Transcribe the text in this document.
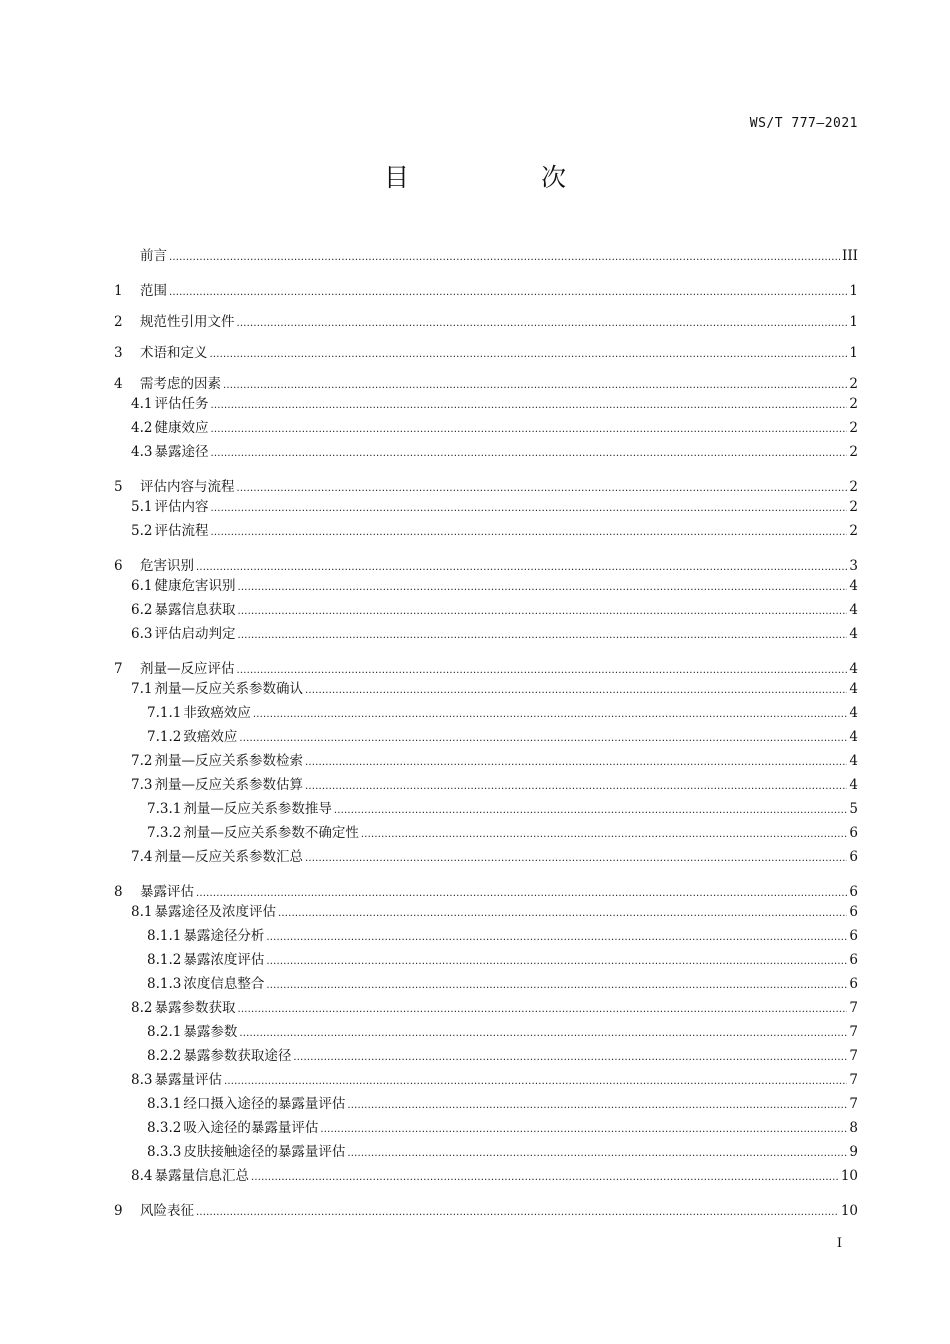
WS/T 777—2021
目 次
前言 .....	III
1	范围 .....	1
2	规范性引用文件 .....	1
3	术语和定义 .....	1
4	需考虑的因素 .....	2
4.1 评估任务 .....	2
4.2 健康效应 .....	2
4.3 暴露途径 .....	2
5	评估内容与流程 .....	2
5.1 评估内容 .....	2
5.2 评估流程 .....	2
6	危害识别 .....	3
6.1 健康危害识别 .....	4
6.2 暴露信息获取 .....	4
6.3 评估启动判定 .....	4
7	剂量—反应评估 .....	4
7.1 剂量—反应关系参数确认 .....	4
7.1.1 非致癌效应 .....	4
7.1.2 致癌效应 .....	4
7.2 剂量—反应关系参数检索 .....	4
7.3 剂量—反应关系参数估算 .....	4
7.3.1 剂量—反应关系参数推导 .....	5
7.3.2 剂量—反应关系参数不确定性 .....	6
7.4 剂量—反应关系参数汇总 .....	6
8	暴露评估 .....	6
8.1 暴露途径及浓度评估 .....	6
8.1.1 暴露途径分析 .....	6
8.1.2 暴露浓度评估 .....	6
8.1.3 浓度信息整合 .....	6
8.2 暴露参数获取 .....	7
8.2.1 暴露参数 .....	7
8.2.2 暴露参数获取途径 .....	7
8.3 暴露量评估 .....	7
8.3.1 经口摄入途径的暴露量评估 .....	7
8.3.2 吸入途径的暴露量评估 .....	8
8.3.3 皮肤接触途径的暴露量评估 .....	9
8.4 暴露量信息汇总 .....	10
9	风险表征 .....	10
I
